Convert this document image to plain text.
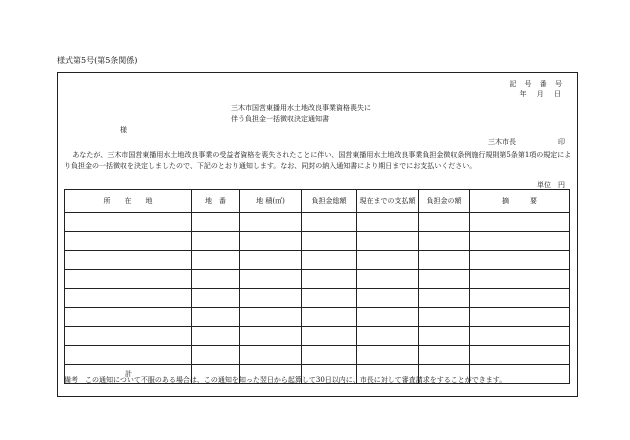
様式第5号(第5条関係)
記 号 番 号
年 月 日
三木市国営東播用水土地改良事業資格喪失に
伴う負担金一括徴収決定通知書
様
三木市長　　　　　　印
あなたが、三木市国営東播用水土地改良事業の受益者資格を喪失されたことに伴い、国営東播用水土地改良事業負担金徴収条例施行規則第5条第1項の規定により負担金の一括徴収を決定しましたので、下記のとおり通知します。なお、同封の納入通知書により期日までにお支払いください。
単位　円
所　　在　　地	地　番	地 積(㎡)	負担金総額	現在までの支払額	負担金の額	摘　　　要

計						
備考　この通知について不服のある場合は、この通知を知った翌日から起算して30日以内に、市長に対して審査請求をすることができます。
